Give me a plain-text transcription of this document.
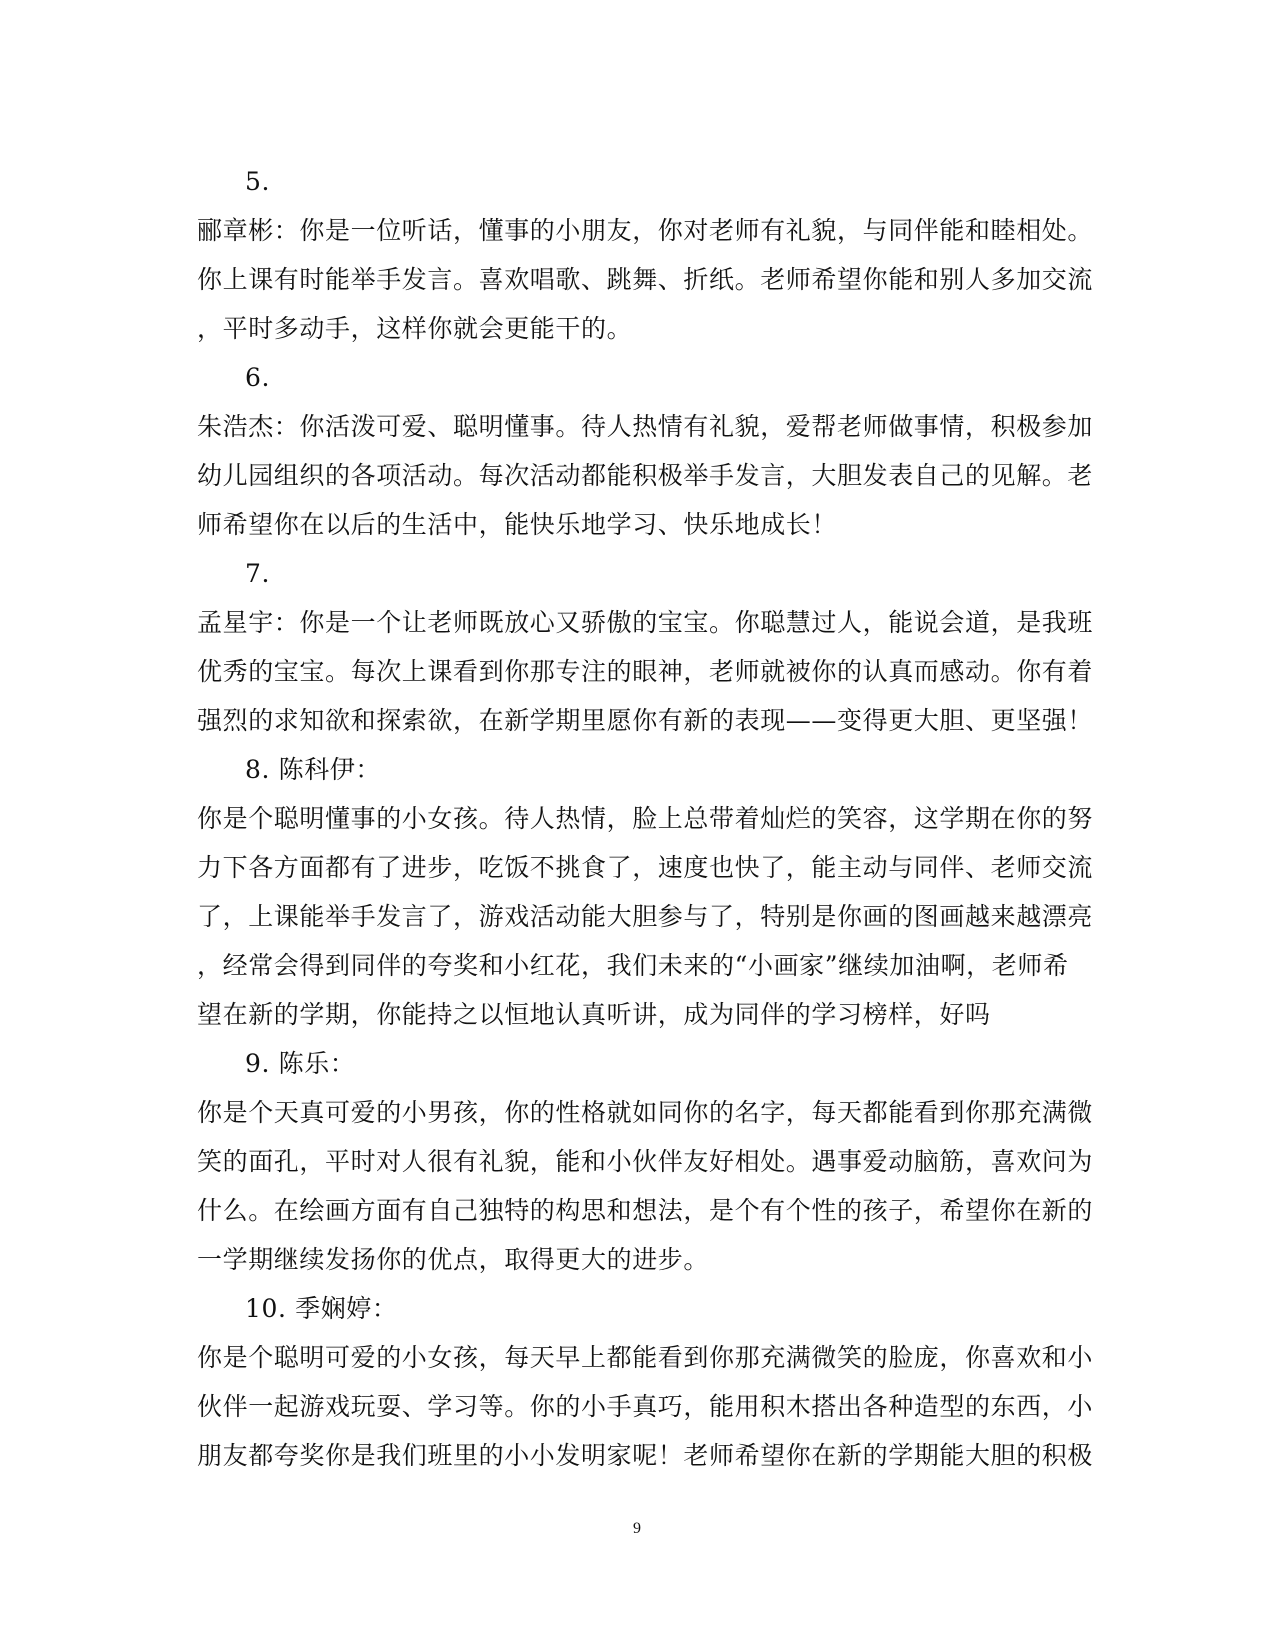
5.
郦章彬：你是一位听话，懂事的小朋友，你对老师有礼貌，与同伴能和睦相处。
你上课有时能举手发言。喜欢唱歌、跳舞、折纸。老师希望你能和别人多加交流
，平时多动手，这样你就会更能干的。
6.
朱浩杰：你活泼可爱、聪明懂事。待人热情有礼貌，爱帮老师做事情，积极参加
幼儿园组织的各项活动。每次活动都能积极举手发言，大胆发表自己的见解。老
师希望你在以后的生活中，能快乐地学习、快乐地成长！
7.
孟星宇：你是一个让老师既放心又骄傲的宝宝。你聪慧过人，能说会道，是我班
优秀的宝宝。每次上课看到你那专注的眼神，老师就被你的认真而感动。你有着
强烈的求知欲和探索欲，在新学期里愿你有新的表现——变得更大胆、更坚强！
8. 陈科伊：
你是个聪明懂事的小女孩。待人热情，脸上总带着灿烂的笑容，这学期在你的努
力下各方面都有了进步，吃饭不挑食了，速度也快了，能主动与同伴、老师交流
了，上课能举手发言了，游戏活动能大胆参与了，特别是你画的图画越来越漂亮
，经常会得到同伴的夸奖和小红花，我们未来的“小画家”继续加油啊，老师希
望在新的学期，你能持之以恒地认真听讲，成为同伴的学习榜样，好吗
9. 陈乐：
你是个天真可爱的小男孩，你的性格就如同你的名字，每天都能看到你那充满微
笑的面孔，平时对人很有礼貌，能和小伙伴友好相处。遇事爱动脑筋，喜欢问为
什么。在绘画方面有自己独特的构思和想法，是个有个性的孩子，希望你在新的
一学期继续发扬你的优点，取得更大的进步。
10. 季娴婷：
你是个聪明可爱的小女孩，每天早上都能看到你那充满微笑的脸庞，你喜欢和小
伙伴一起游戏玩耍、学习等。你的小手真巧，能用积木搭出各种造型的东西，小
朋友都夸奖你是我们班里的小小发明家呢！老师希望你在新的学期能大胆的积极
9
